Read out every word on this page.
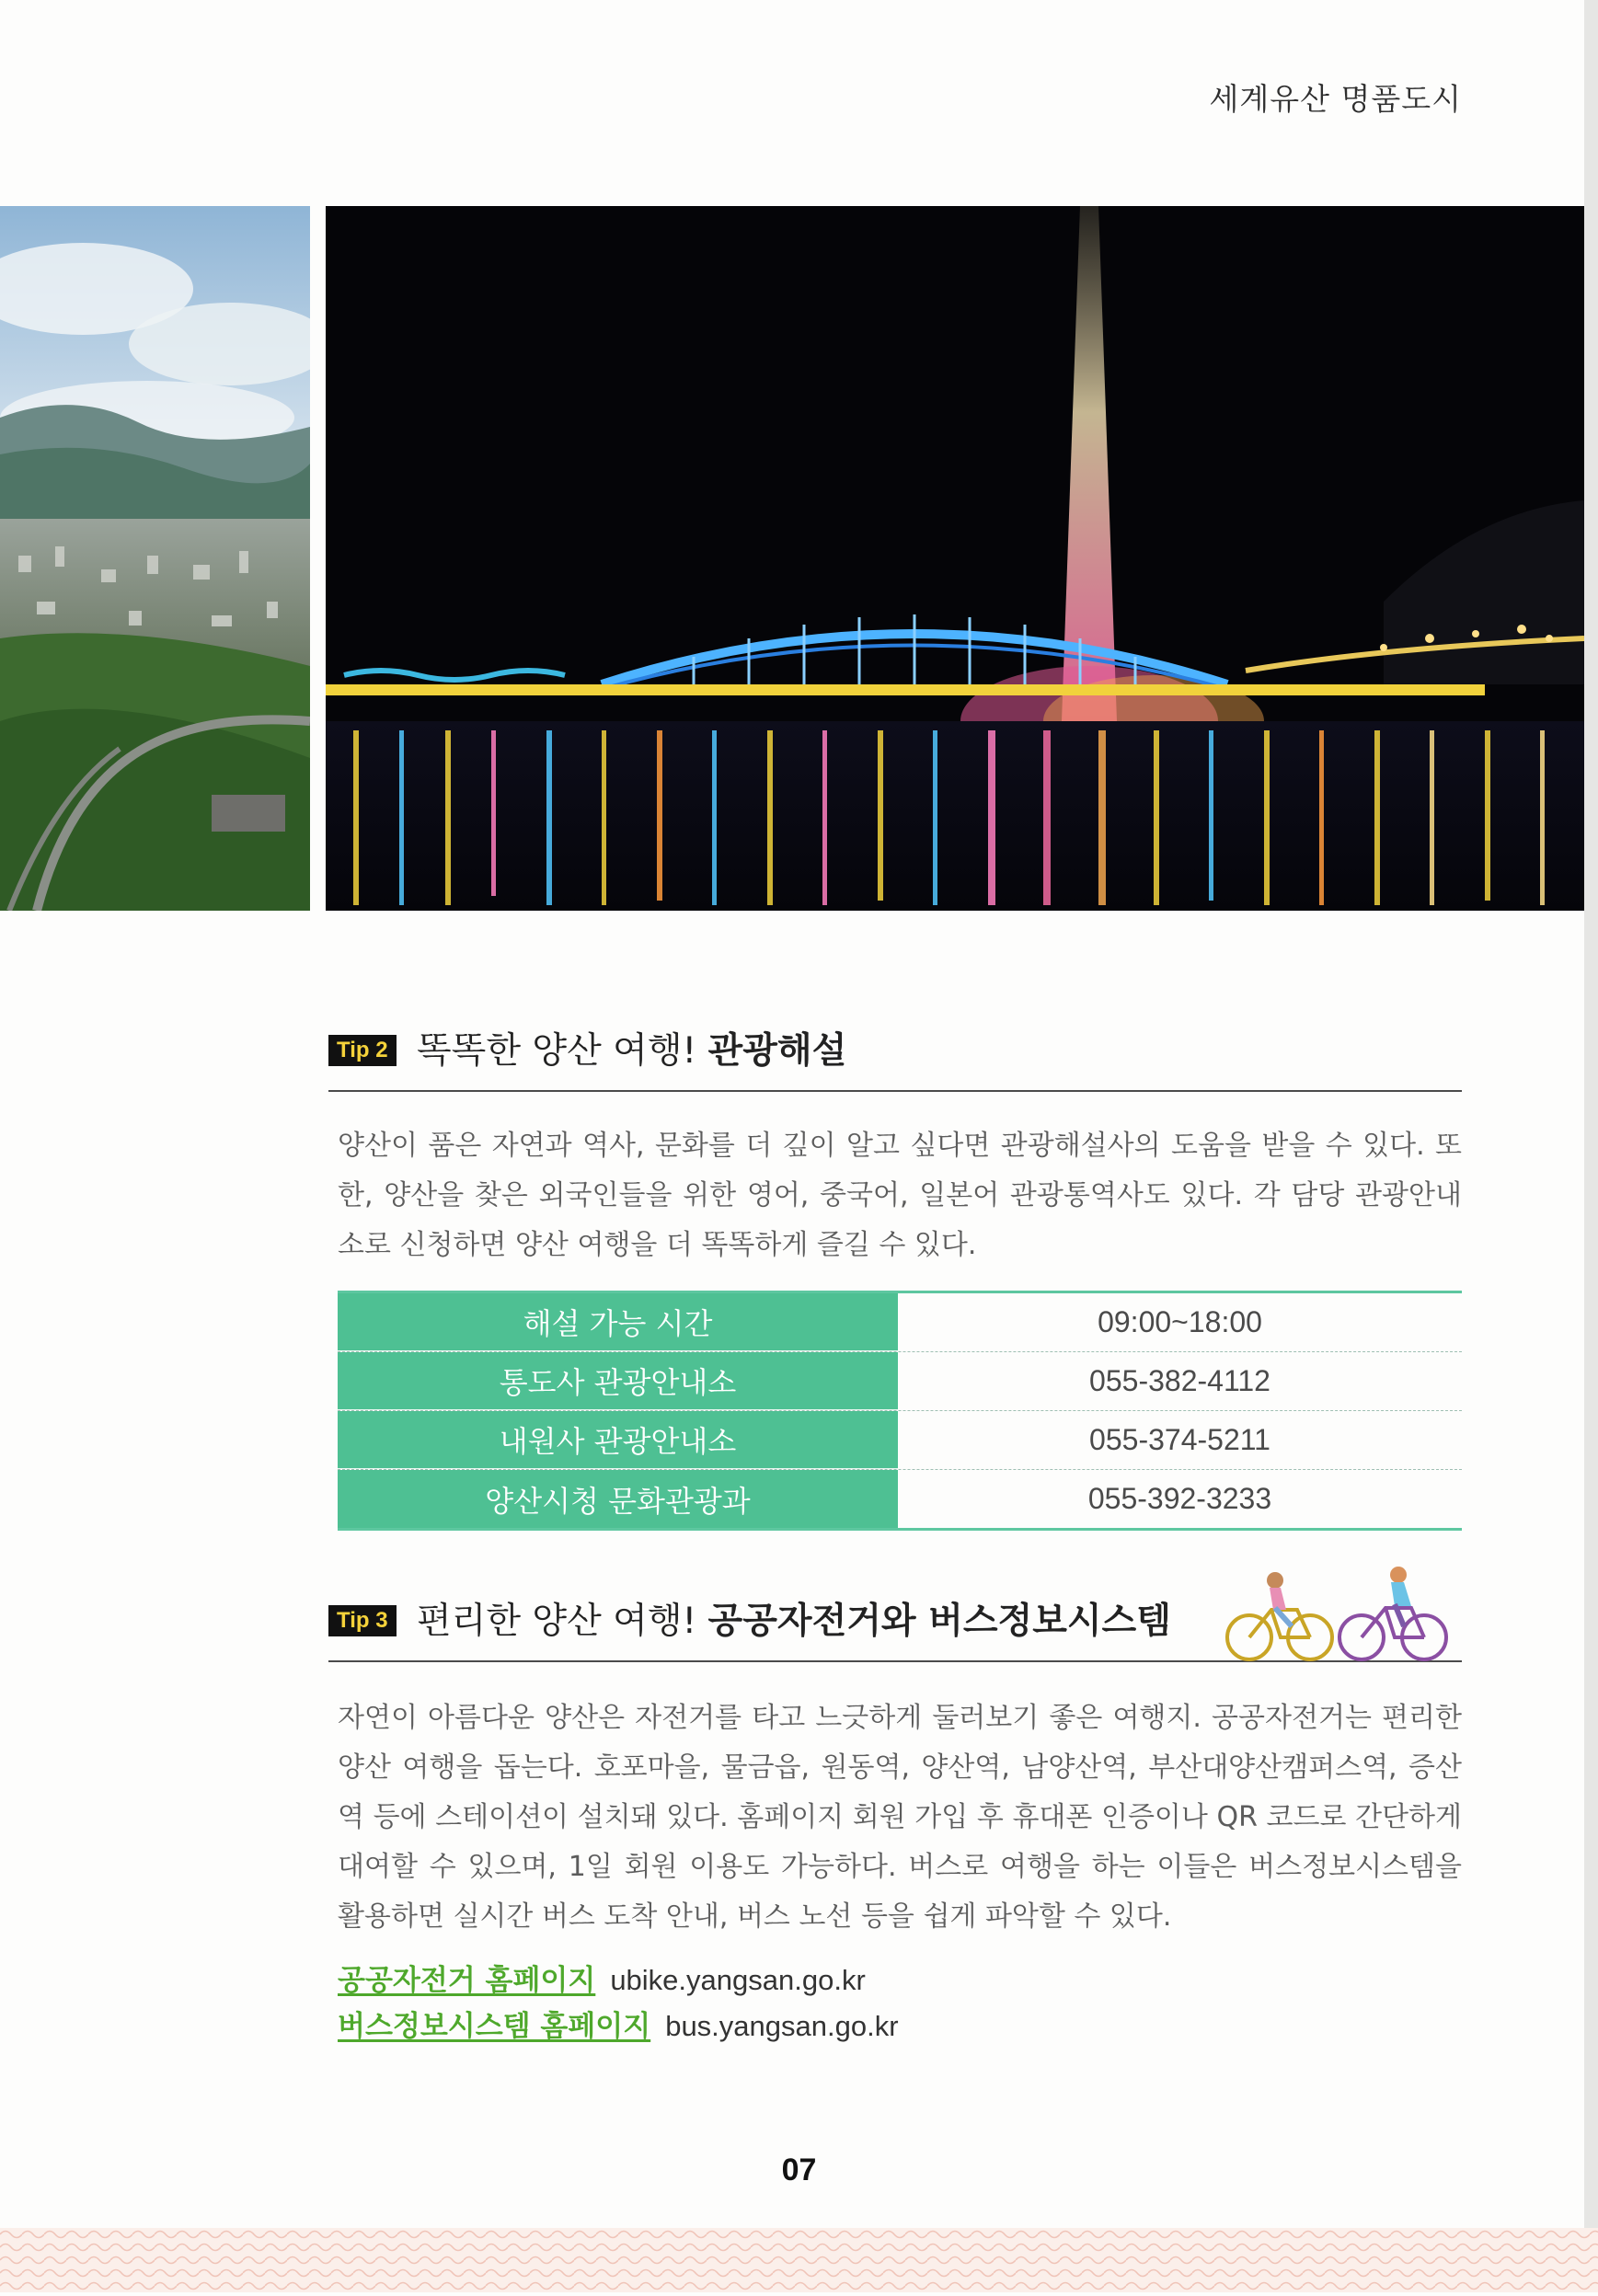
세계유산 명품도시
Tip 2 똑똑한 양산 여행! 관광해설
양산이 품은 자연과 역사, 문화를 더 깊이 알고 싶다면 관광해설사의 도움을 받을 수 있다. 또한, 양산을 찾은 외국인들을 위한 영어, 중국어, 일본어 관광통역사도 있다. 각 담당 관광안내소로 신청하면 양산 여행을 더 똑똑하게 즐길 수 있다.
해설 가능 시간	09:00~18:00
통도사 관광안내소	055-382-4112
내원사 관광안내소	055-374-5211
양산시청 문화관광과	055-392-3233
Tip 3 편리한 양산 여행! 공공자전거와 버스정보시스템
자연이 아름다운 양산은 자전거를 타고 느긋하게 둘러보기 좋은 여행지. 공공자전거는 편리한 양산 여행을 돕는다. 호포마을, 물금읍, 원동역, 양산역, 남양산역, 부산대양산캠퍼스역, 증산역 등에 스테이션이 설치돼 있다. 홈페이지 회원 가입 후 휴대폰 인증이나 QR 코드로 간단하게 대여할 수 있으며, 1일 회원 이용도 가능하다. 버스로 여행을 하는 이들은 버스정보시스템을 활용하면 실시간 버스 도착 안내, 버스 노선 등을 쉽게 파악할 수 있다.
공공자전거 홈페이지 ubike.yangsan.go.kr
버스정보시스템 홈페이지 bus.yangsan.go.kr
07
